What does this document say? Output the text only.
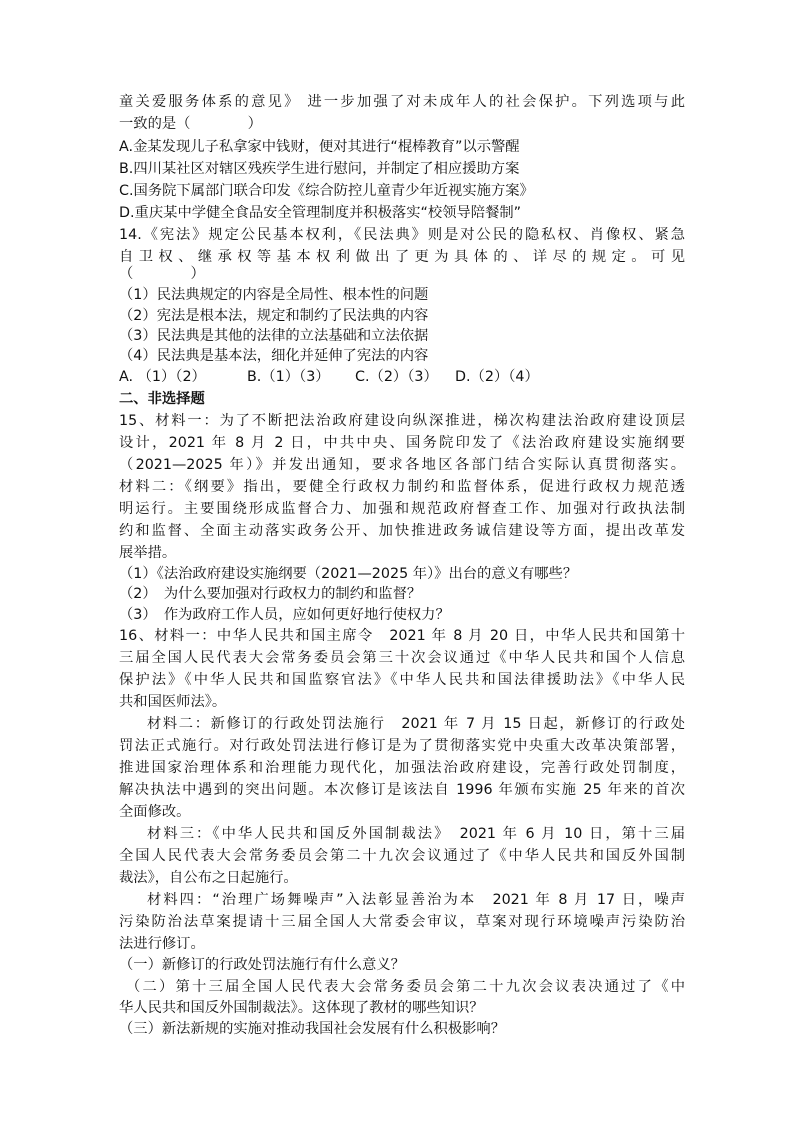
童关爱服务体系的意见》 进一步加强了对未成年人的社会保护。下列选项与此
一致的是（　　　　）
A.金某发现儿子私拿家中钱财，便对其进行“棍棒教育”以示警醒
B.四川某社区对辖区残疾学生进行慰问，并制定了相应援助方案
C.国务院下属部门联合印发《综合防控儿童青少年近视实施方案》
D.重庆某中学健全食品安全管理制度并积极落实“校领导陪餐制”
14.《宪法》规定公民基本权利，《民法典》则是对公民的隐私权、肖像权、紧急
自卫权、继承权等基本权利做出了更为具体的、详尽的规定。可见
（　　　　）
（1）民法典规定的内容是全局性、根本性的问题
（2）宪法是根本法，规定和制约了民法典的内容
（3）民法典是其他的法律的立法基础和立法依据
（4）民法典是基本法，细化并延伸了宪法的内容
A. （1）（2）	B.（1）（3） C.（2）（3） D.（2）（4）
二、非选择题
15、材料一：为了不断把法治政府建设向纵深推进，梯次构建法治政府建设顶层
设计，2021 年 8 月 2 日，中共中央、国务院印发了《法治政府建设实施纲要
（2021—2025 年）》并发出通知，要求各地区各部门结合实际认真贯彻落实。
材料二：《纲要》指出，要健全行政权力制约和监督体系，促进行政权力规范透
明运行。主要围绕形成监督合力、加强和规范政府督查工作、加强对行政执法制
约和监督、全面主动落实政务公开、加快推进政务诚信建设等方面，提出改革发
展举措。
（1）《法治政府建设实施纲要（2021—2025 年）》出台的意义有哪些？
（2）　为什么要加强对行政权力的制约和监督？
（3）　作为政府工作人员，应如何更好地行使权力？
16、材料一：中华人民共和国主席令　2021 年 8 月 20 日，中华人民共和国第十
三届全国人民代表大会常务委员会第三十次会议通过《中华人民共和国个人信息
保护法》《中华人民共和国监察官法》《中华人民共和国法律援助法》《中华人民
共和国医师法》。
材料二：新修订的行政处罚法施行　2021 年 7 月 15 日起，新修订的行政处
罚法正式施行。对行政处罚法进行修订是为了贯彻落实党中央重大改革决策部署，
推进国家治理体系和治理能力现代化，加强法治政府建设，完善行政处罚制度，
解决执法中遇到的突出问题。本次修订是该法自 1996 年颁布实施 25 年来的首次
全面修改。
材料三：《中华人民共和国反外国制裁法》　2021 年 6 月 10 日，第十三届
全国人民代表大会常务委员会第二十九次会议通过了《中华人民共和国反外国制
裁法》，自公布之日起施行。
材料四：“治理广场舞噪声”入法彰显善治为本　2021 年 8 月 17 日，噪声
污染防治法草案提请十三届全国人大常委会审议，草案对现行环境噪声污染防治
法进行修订。
（一）新修订的行政处罚法施行有什么意义？
（二）第十三届全国人民代表大会常务委员会第二十九次会议表决通过了《中
华人民共和国反外国制裁法》。这体现了教材的哪些知识？
（三）新法新规的实施对推动我国社会发展有什么积极影响？
